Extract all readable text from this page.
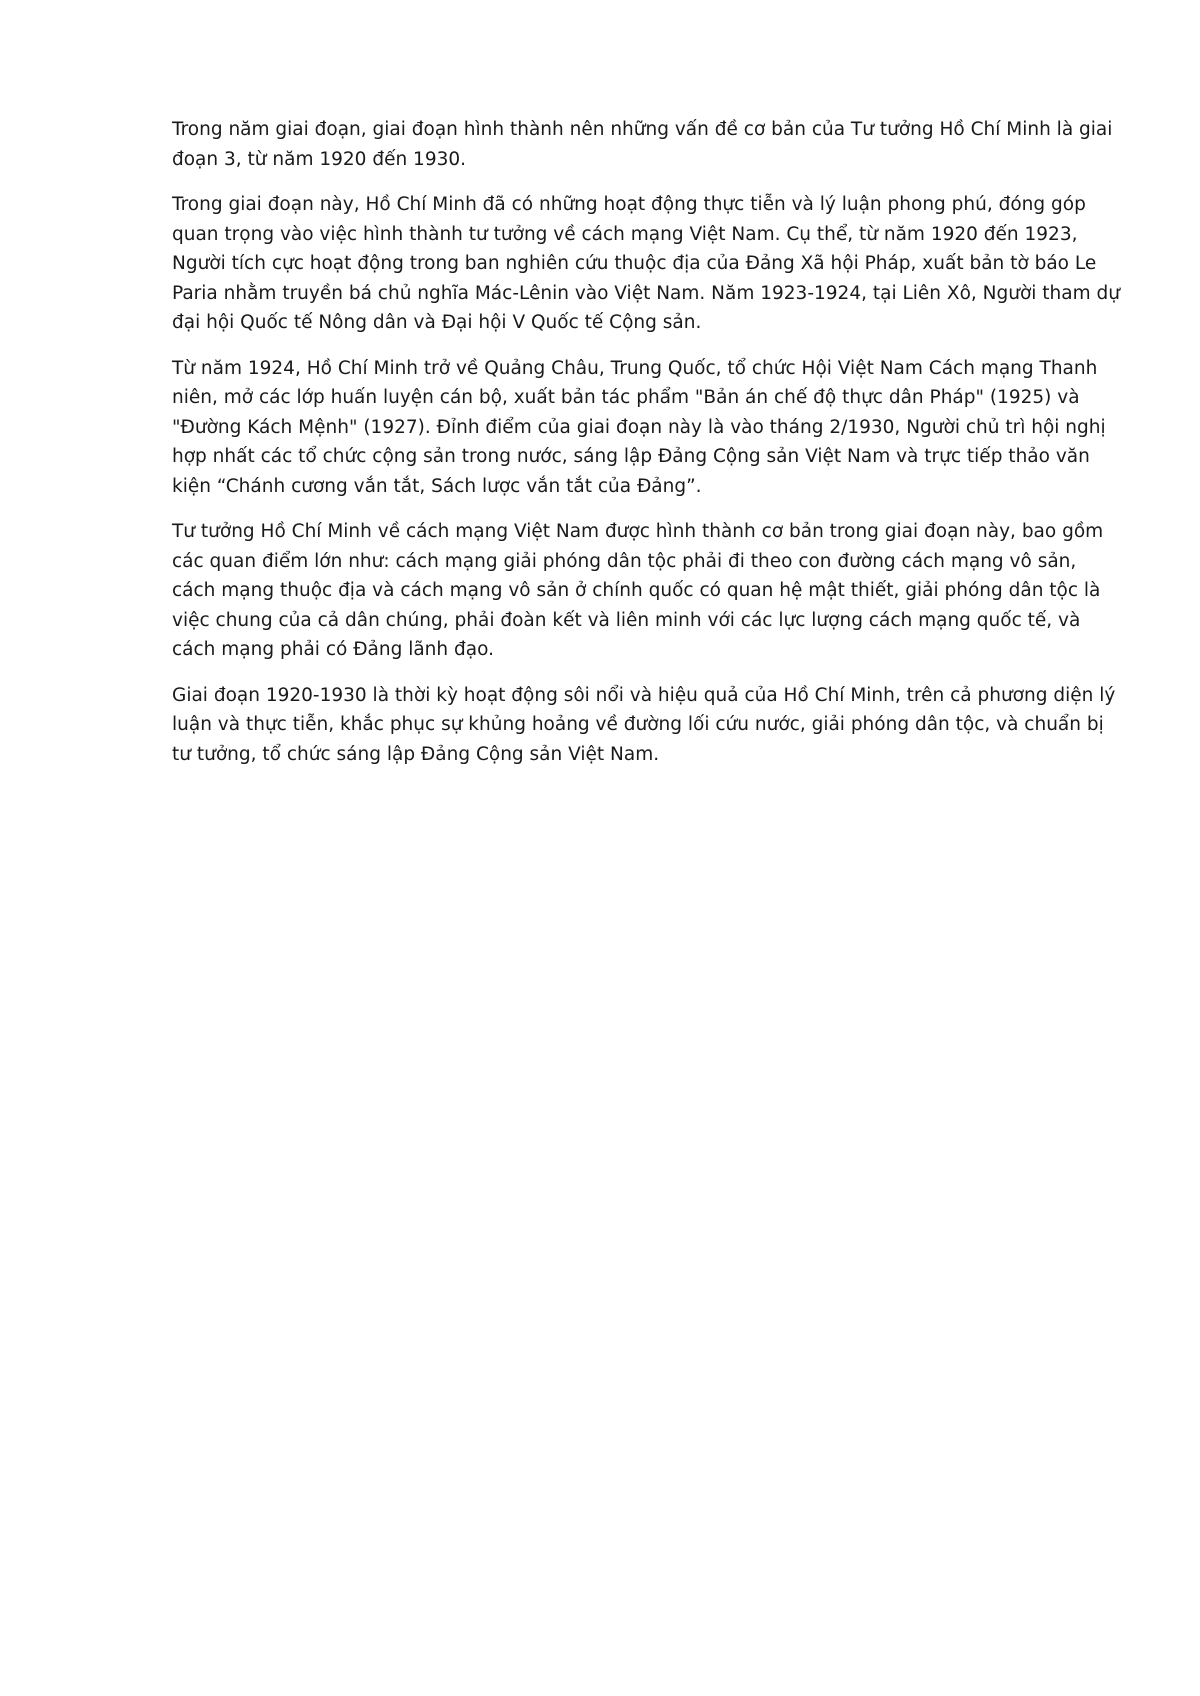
Trong năm giai đoạn, giai đoạn hình thành nên những vấn đề cơ bản của Tư tưởng Hồ Chí Minh là giai đoạn 3, từ năm 1920 đến 1930.

Trong giai đoạn này, Hồ Chí Minh đã có những hoạt động thực tiễn và lý luận phong phú, đóng góp quan trọng vào việc hình thành tư tưởng về cách mạng Việt Nam. Cụ thể, từ năm 1920 đến 1923, Người tích cực hoạt động trong ban nghiên cứu thuộc địa của Đảng Xã hội Pháp, xuất bản tờ báo Le Paria nhằm truyền bá chủ nghĩa Mác-Lênin vào Việt Nam. Năm 1923-1924, tại Liên Xô, Người tham dự đại hội Quốc tế Nông dân và Đại hội V Quốc tế Cộng sản.

Từ năm 1924, Hồ Chí Minh trở về Quảng Châu, Trung Quốc, tổ chức Hội Việt Nam Cách mạng Thanh niên, mở các lớp huấn luyện cán bộ, xuất bản tác phẩm "Bản án chế độ thực dân Pháp" (1925) và "Đường Kách Mệnh" (1927). Đỉnh điểm của giai đoạn này là vào tháng 2/1930, Người chủ trì hội nghị hợp nhất các tổ chức cộng sản trong nước, sáng lập Đảng Cộng sản Việt Nam và trực tiếp thảo văn kiện “Chánh cương vắn tắt, Sách lược vắn tắt của Đảng”.

Tư tưởng Hồ Chí Minh về cách mạng Việt Nam được hình thành cơ bản trong giai đoạn này, bao gồm các quan điểm lớn như: cách mạng giải phóng dân tộc phải đi theo con đường cách mạng vô sản, cách mạng thuộc địa và cách mạng vô sản ở chính quốc có quan hệ mật thiết, giải phóng dân tộc là việc chung của cả dân chúng, phải đoàn kết và liên minh với các lực lượng cách mạng quốc tế, và cách mạng phải có Đảng lãnh đạo.

Giai đoạn 1920-1930 là thời kỳ hoạt động sôi nổi và hiệu quả của Hồ Chí Minh, trên cả phương diện lý luận và thực tiễn, khắc phục sự khủng hoảng về đường lối cứu nước, giải phóng dân tộc, và chuẩn bị tư tưởng, tổ chức sáng lập Đảng Cộng sản Việt Nam.
